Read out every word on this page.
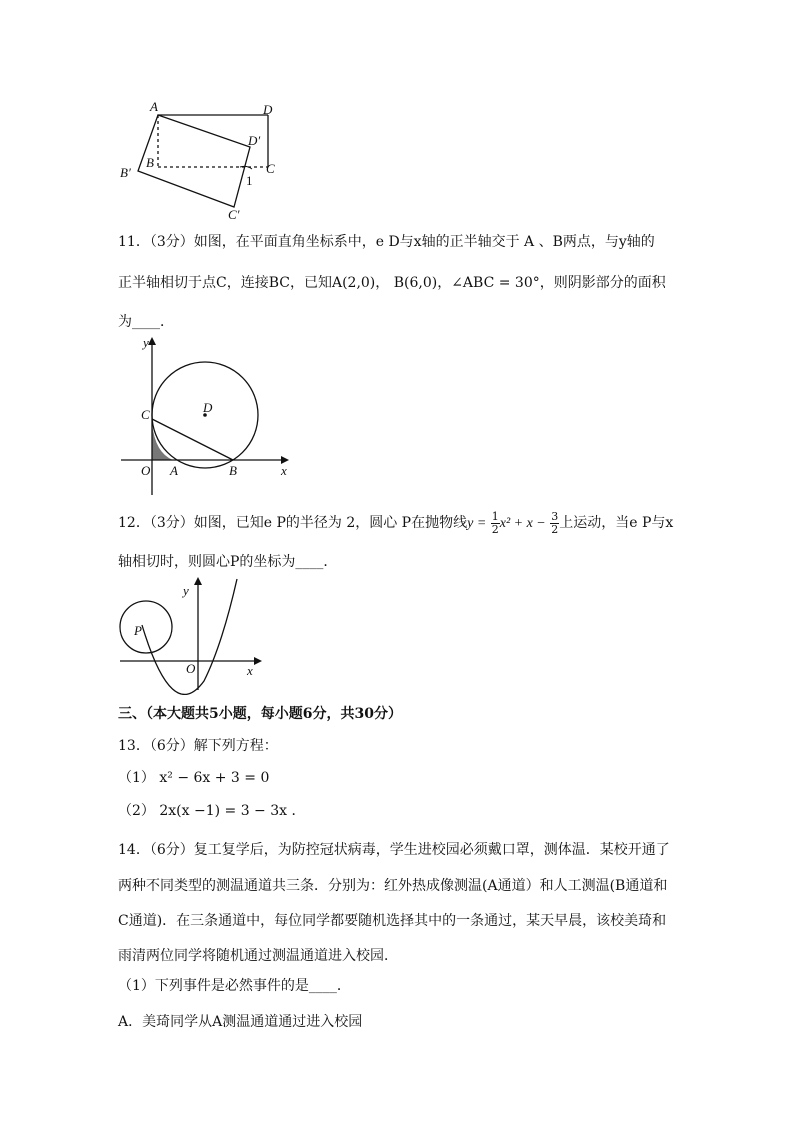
A	D
D′
B	C
B′
1
C′
11．（3分）如图，在平面直角坐标系中，e D与x轴的正半轴交于 A 、B两点，与y轴的
正半轴相切于点C，连接BC，已知A(2,0)， B(6,0)，∠ABC = 30°，则阴影部分的面积
为____．
y
C	D
O A	B	x
12．（3分）如图，已知e P的半径为 2，圆心 P在抛物线$y = \frac{1}{2} x^2 + x - \frac{3}{2}$ 上运动，当e P与x
轴相切时，则圆心P的坐标为____．
y
P
O	x
三、（本大题共5小题，每小题6分，共30分）
13．（6分）解下列方程：
（1） x² − 6x + 3 = 0
（2） 2x(x −1) = 3 − 3x ．
14．（6分）复工复学后，为防控冠状病毒，学生进校园必须戴口罩，测体温．某校开通了
两种不同类型的测温通道共三条．分别为：红外热成像测温(A通道）和人工测温(B通道和
C通道)．在三条通道中，每位同学都要随机选择其中的一条通过，某天早晨，该校美琦和
雨清两位同学将随机通过测温通道进入校园．
（1）下列事件是必然事件的是____．
A．美琦同学从A测温通道通过进入校园
